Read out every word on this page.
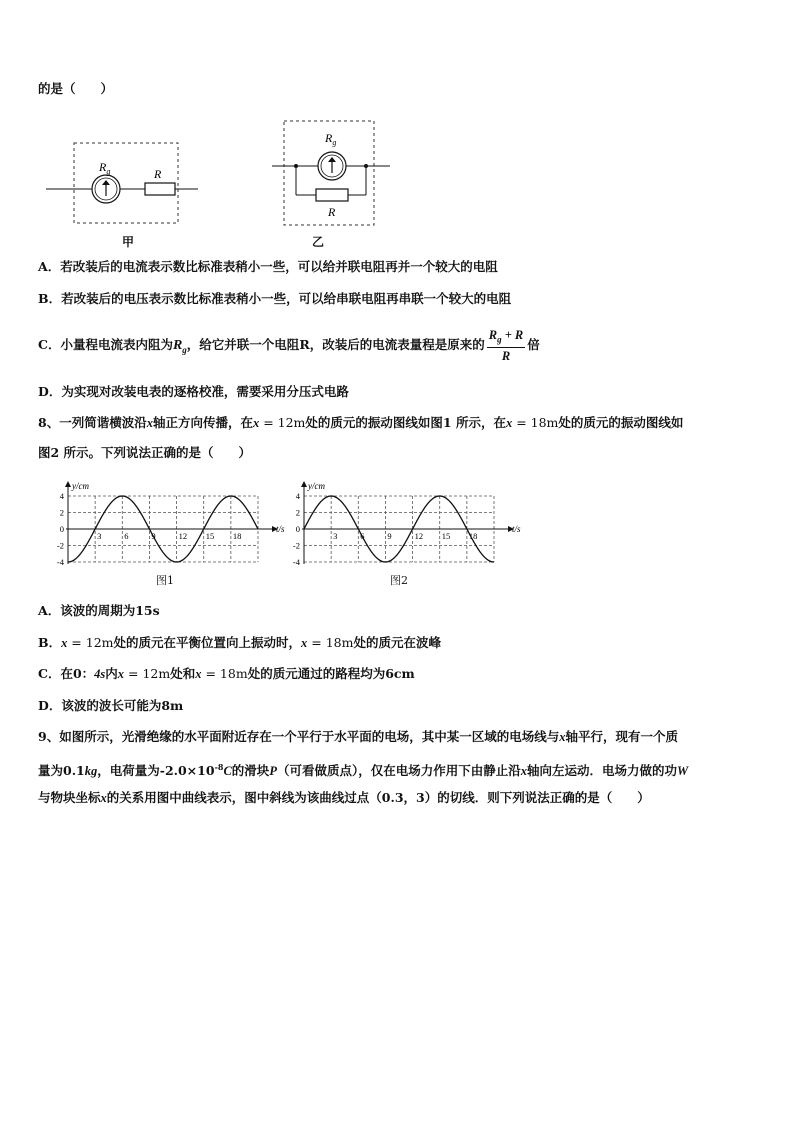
的是（　　）
$R_g$	R
甲
$R_g$
R
乙
A．若改装后的电流表示数比标准表稍小一些，可以给并联电阻再并一个较大的电阻
B．若改装后的电压表示数比标准表稍小一些，可以给串联电阻再串联一个较大的电阻
C．小量程电流表内阻为$R_g$，给它并联一个电阻R，改装后的电流表量程是原来的 $\frac{R_g + R}{R}$ 倍
D．为实现对改装电表的逐格校准，需要采用分压式电路
8、一列简谐横波沿x轴正方向传播，在x = 12m处的质元的振动图线如图1 所示，在x = 18m处的质元的振动图线如
图2 所示。下列说法正确的是（　　）
y/cm
t/s
4
2
0
-2
-4
3	6	9	12 15 18
y/cm
t/s
4
2
0
-2
-4
3	6	9	12 15 18
图1	图2
A．该波的周期为15s
B．x = 12m处的质元在平衡位置向上振动时，x = 18m处的质元在波峰
C．在0：4s内x = 12m处和x = 18m处的质元通过的路程均为6cm
D．该波的波长可能为8m
9、如图所示，光滑绝缘的水平面附近存在一个平行于水平面的电场，其中某一区域的电场线与x轴平行，现有一个质
量为0.1kg，电荷量为$-2.0\times 10^{-8}C$的滑块P（可看做质点），仅在电场力作用下由静止沿x轴向左运动．电场力做的功W
与物块坐标x的关系用图中曲线表示，图中斜线为该曲线过点（0.3，3）的切线．则下列说法正确的是（　　）
